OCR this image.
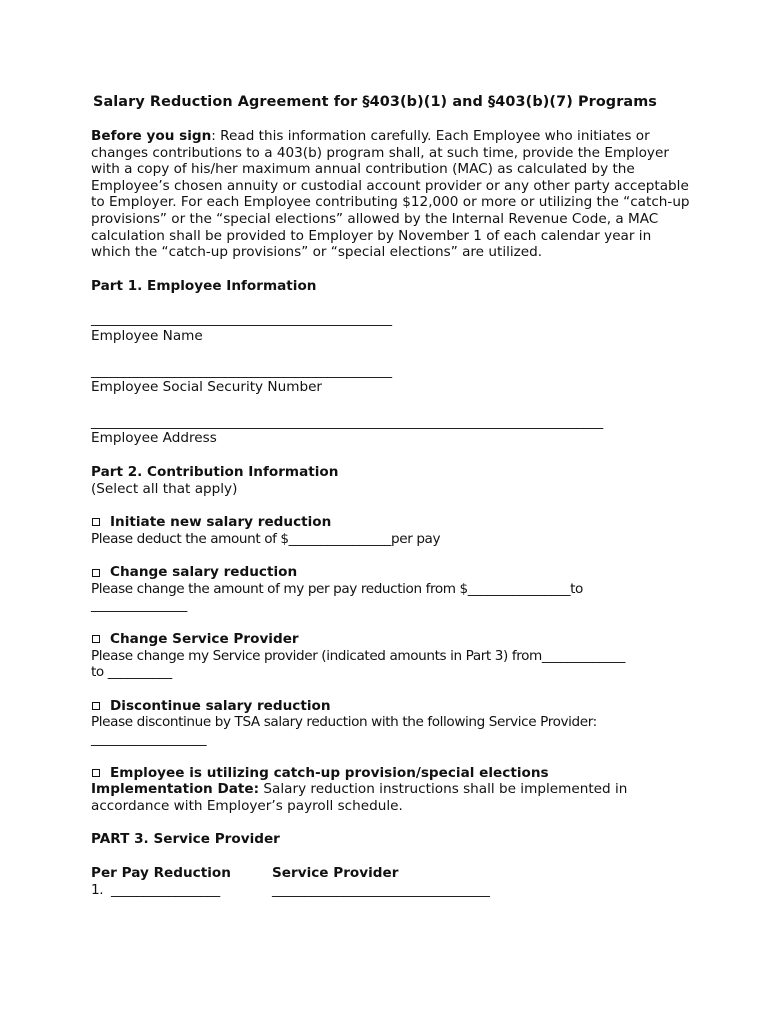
Salary Reduction Agreement for §403(b)(1) and §403(b)(7) Programs

Before you sign: Read this information carefully. Each Employee who initiates or changes contributions to a 403(b) program shall, at such time, provide the Employer with a copy of his/her maximum annual contribution (MAC) as calculated by the Employee’s chosen annuity or custodial account provider or any other party acceptable to Employer. For each Employee contributing $12,000 or more or utilizing the “catch-up provisions” or the “special elections” allowed by the Internal Revenue Code, a MAC calculation shall be provided to Employer by November 1 of each calendar year in which the “catch-up provisions” or “special elections” are utilized.

Part 1. Employee Information

_______________________________________________
Employee Name
_______________________________________________
Employee Social Security Number
________________________________________________________________________________
Employee Address

Part 2. Contribution Information

(Select all that apply)

Initiate new salary reduction
Please deduct the amount of $________________per pay
Change salary reduction
Please change the amount of my per pay reduction from $________________to
_______________
Change Service Provider
Please change my Service provider (indicated amounts in Part 3) from_____________
to __________
Discontinue salary reduction
Please discontinue by TSA salary reduction with the following Service Provider:
__________________
Employee is utilizing catch-up provision/special elections

Implementation Date: Salary reduction instructions shall be implemented in accordance with Employer’s payroll schedule.

PART 3. Service Provider

Per Pay Reduction	Service Provider
1.  _________________	__________________________________
